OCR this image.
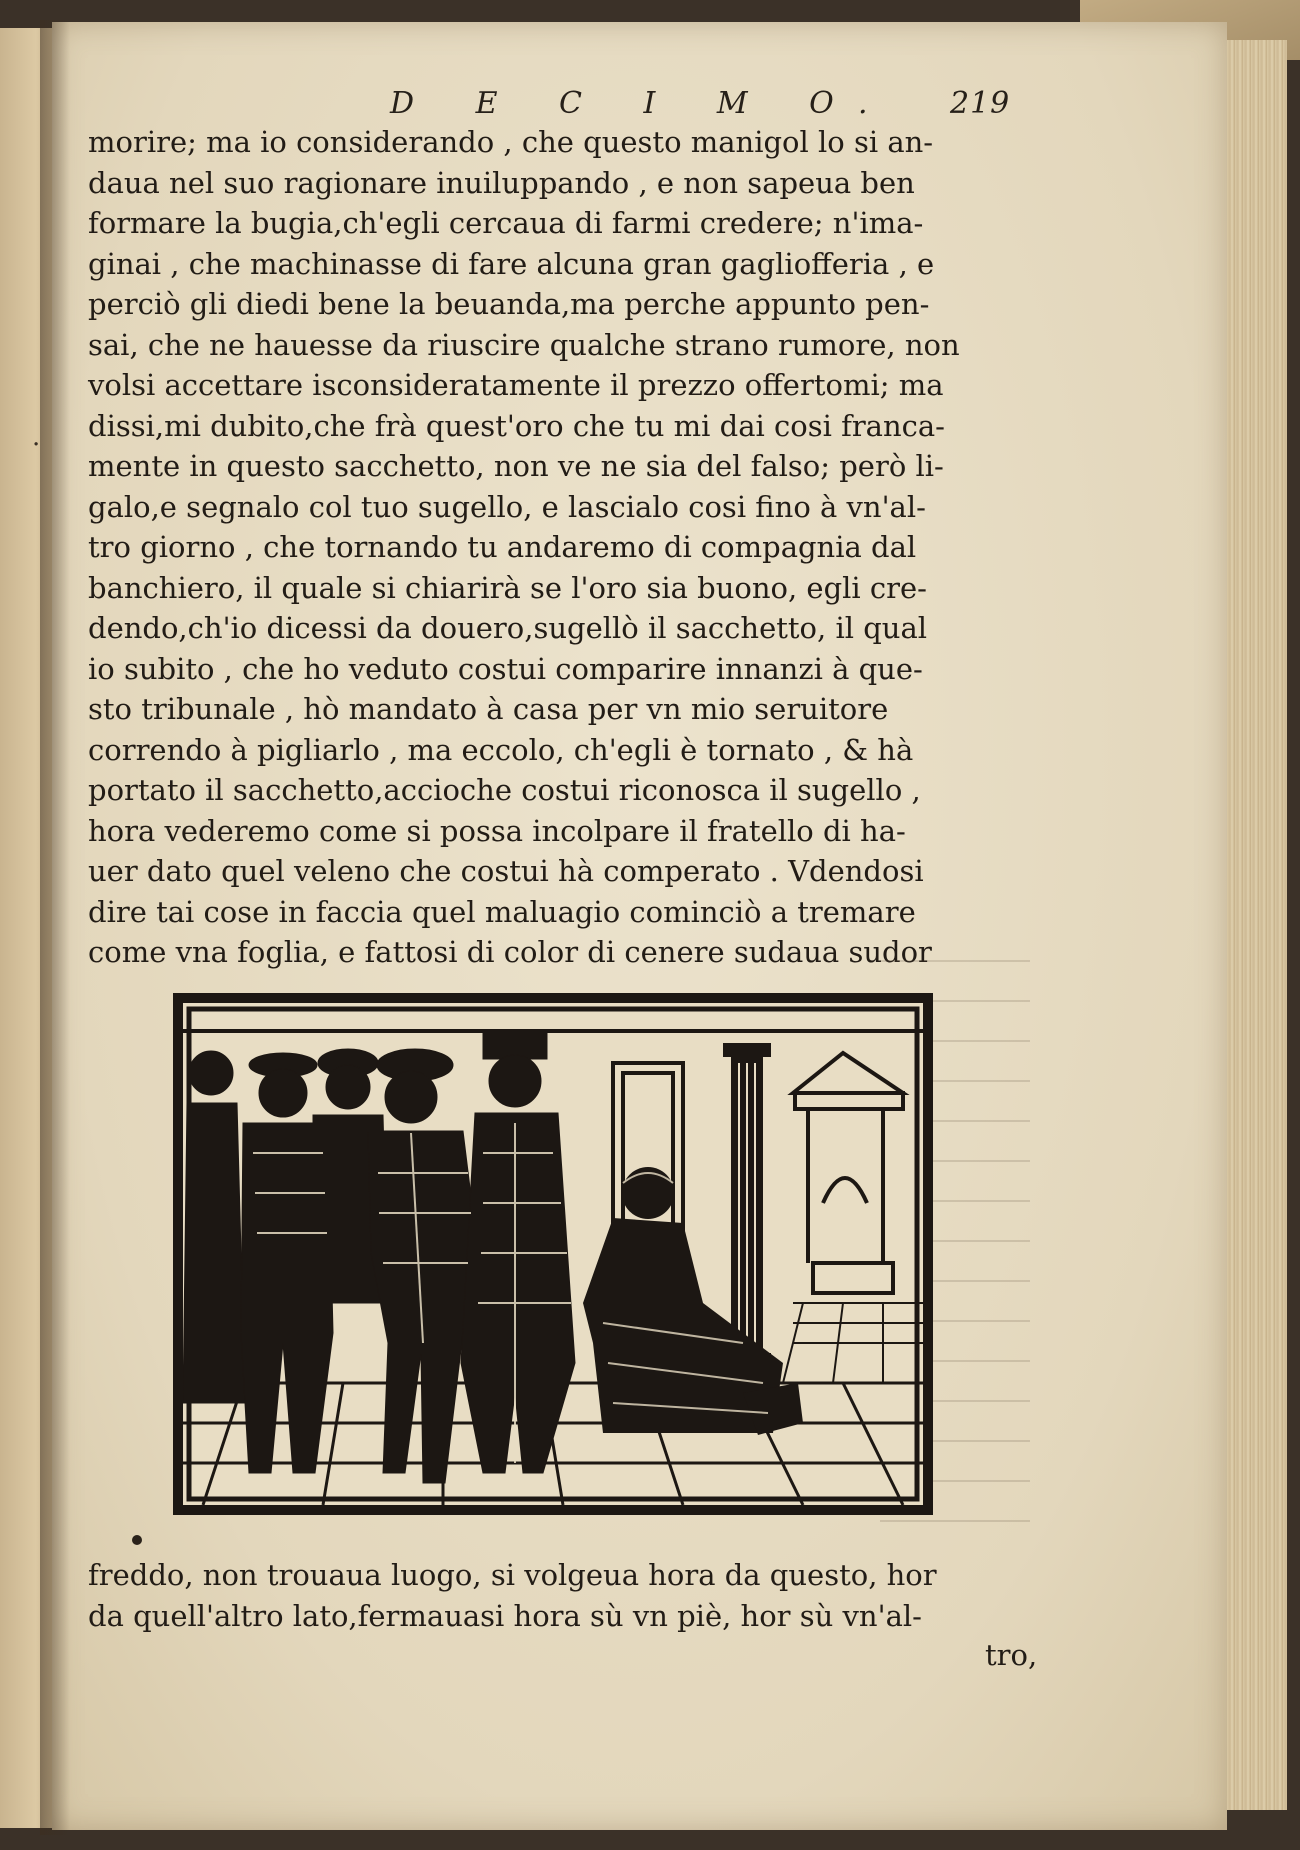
D E C I M O.	219
morire; ma io considerando , che questo manigol lo si an-
daua nel suo ragionare inuiluppando , e non sapeua ben
formare la bugia,ch'egli cercaua di farmi credere; n'ima-
ginai , che machinasse di fare alcuna gran gagliofferia , e
perciò gli diedi bene la beuanda,ma perche appunto pen-
sai, che ne hauesse da riuscire qualche strano rumore, non
volsi accettare isconsideratamente il prezzo offertomi; ma
dissi,mi dubito,che frà quest'oro che tu mi dai cosi franca-
mente in questo sacchetto, non ve ne sia del falso; però li-
galo,e segnalo col tuo sugello, e lascialo cosi fino à vn'al-
tro giorno , che tornando tu andaremo di compagnia dal
banchiero, il quale si chiarirà se l'oro sia buono, egli cre-
dendo,ch'io dicessi da douero,sugellò il sacchetto, il qual
io subito , che ho veduto costui comparire innanzi à que-
sto tribunale , hò mandato à casa per vn mio seruitore
correndo à pigliarlo , ma eccolo, ch'egli è tornato , & hà
portato il sacchetto,accioche costui riconosca il sugello ,
hora vederemo come si possa incolpare il fratello di ha-
uer dato quel veleno che costui hà comperato . Vdendosi
dire tai cose in faccia quel maluagio cominciò a tremare
come vna foglia, e fattosi di color di cenere sudaua sudor
·
freddo, non trouaua luogo, si volgeua hora da questo, hor
da quell'altro lato,fermauasi hora sù vn piè, hor sù vn'al-
tro,
